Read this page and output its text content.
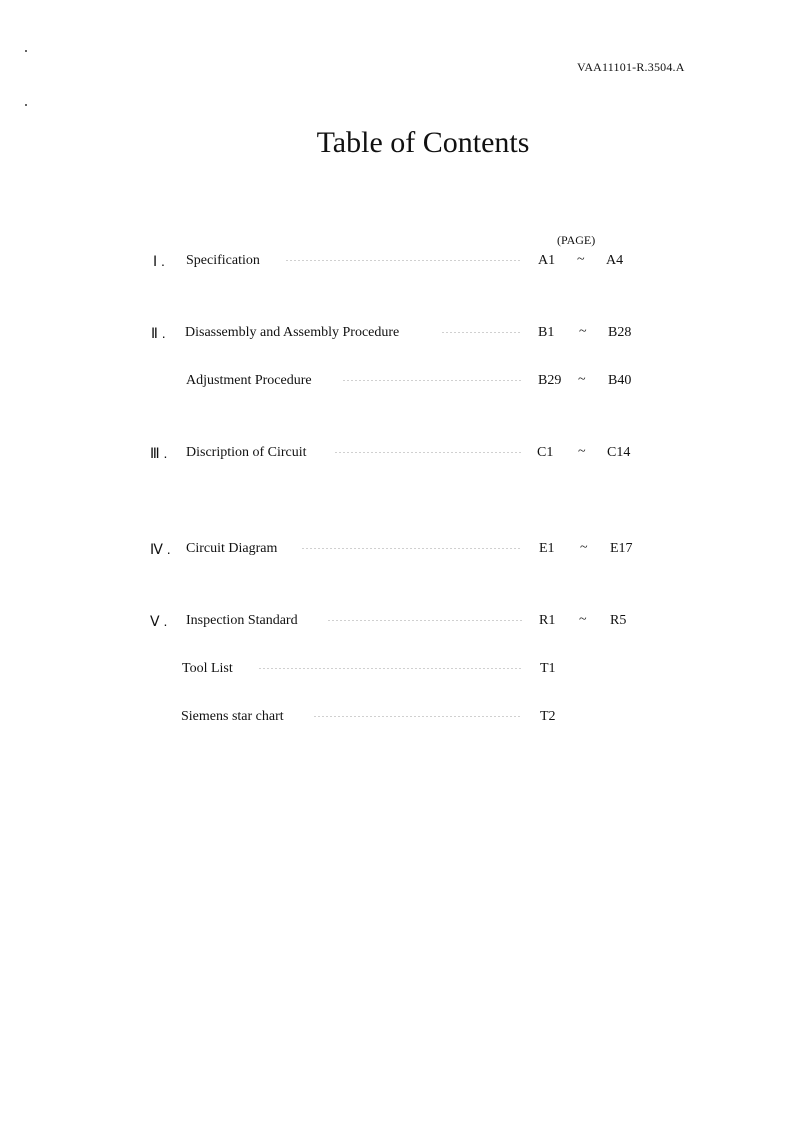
VAA11101-R.3504.A
Table of Contents
(PAGE)
Ⅰ . Specification	A1 ~ A4
Ⅱ . Disassembly and Assembly Procedure	B1 ~ B28
Adjustment Procedure	B29 ~ B40
Ⅲ . Discription of Circuit	C1 ~ C14
Ⅳ . Circuit Diagram	E1 ~ E17
Ⅴ . Inspection Standard	R1 ~ R5
Tool List	T1
Siemens star chart	T2
